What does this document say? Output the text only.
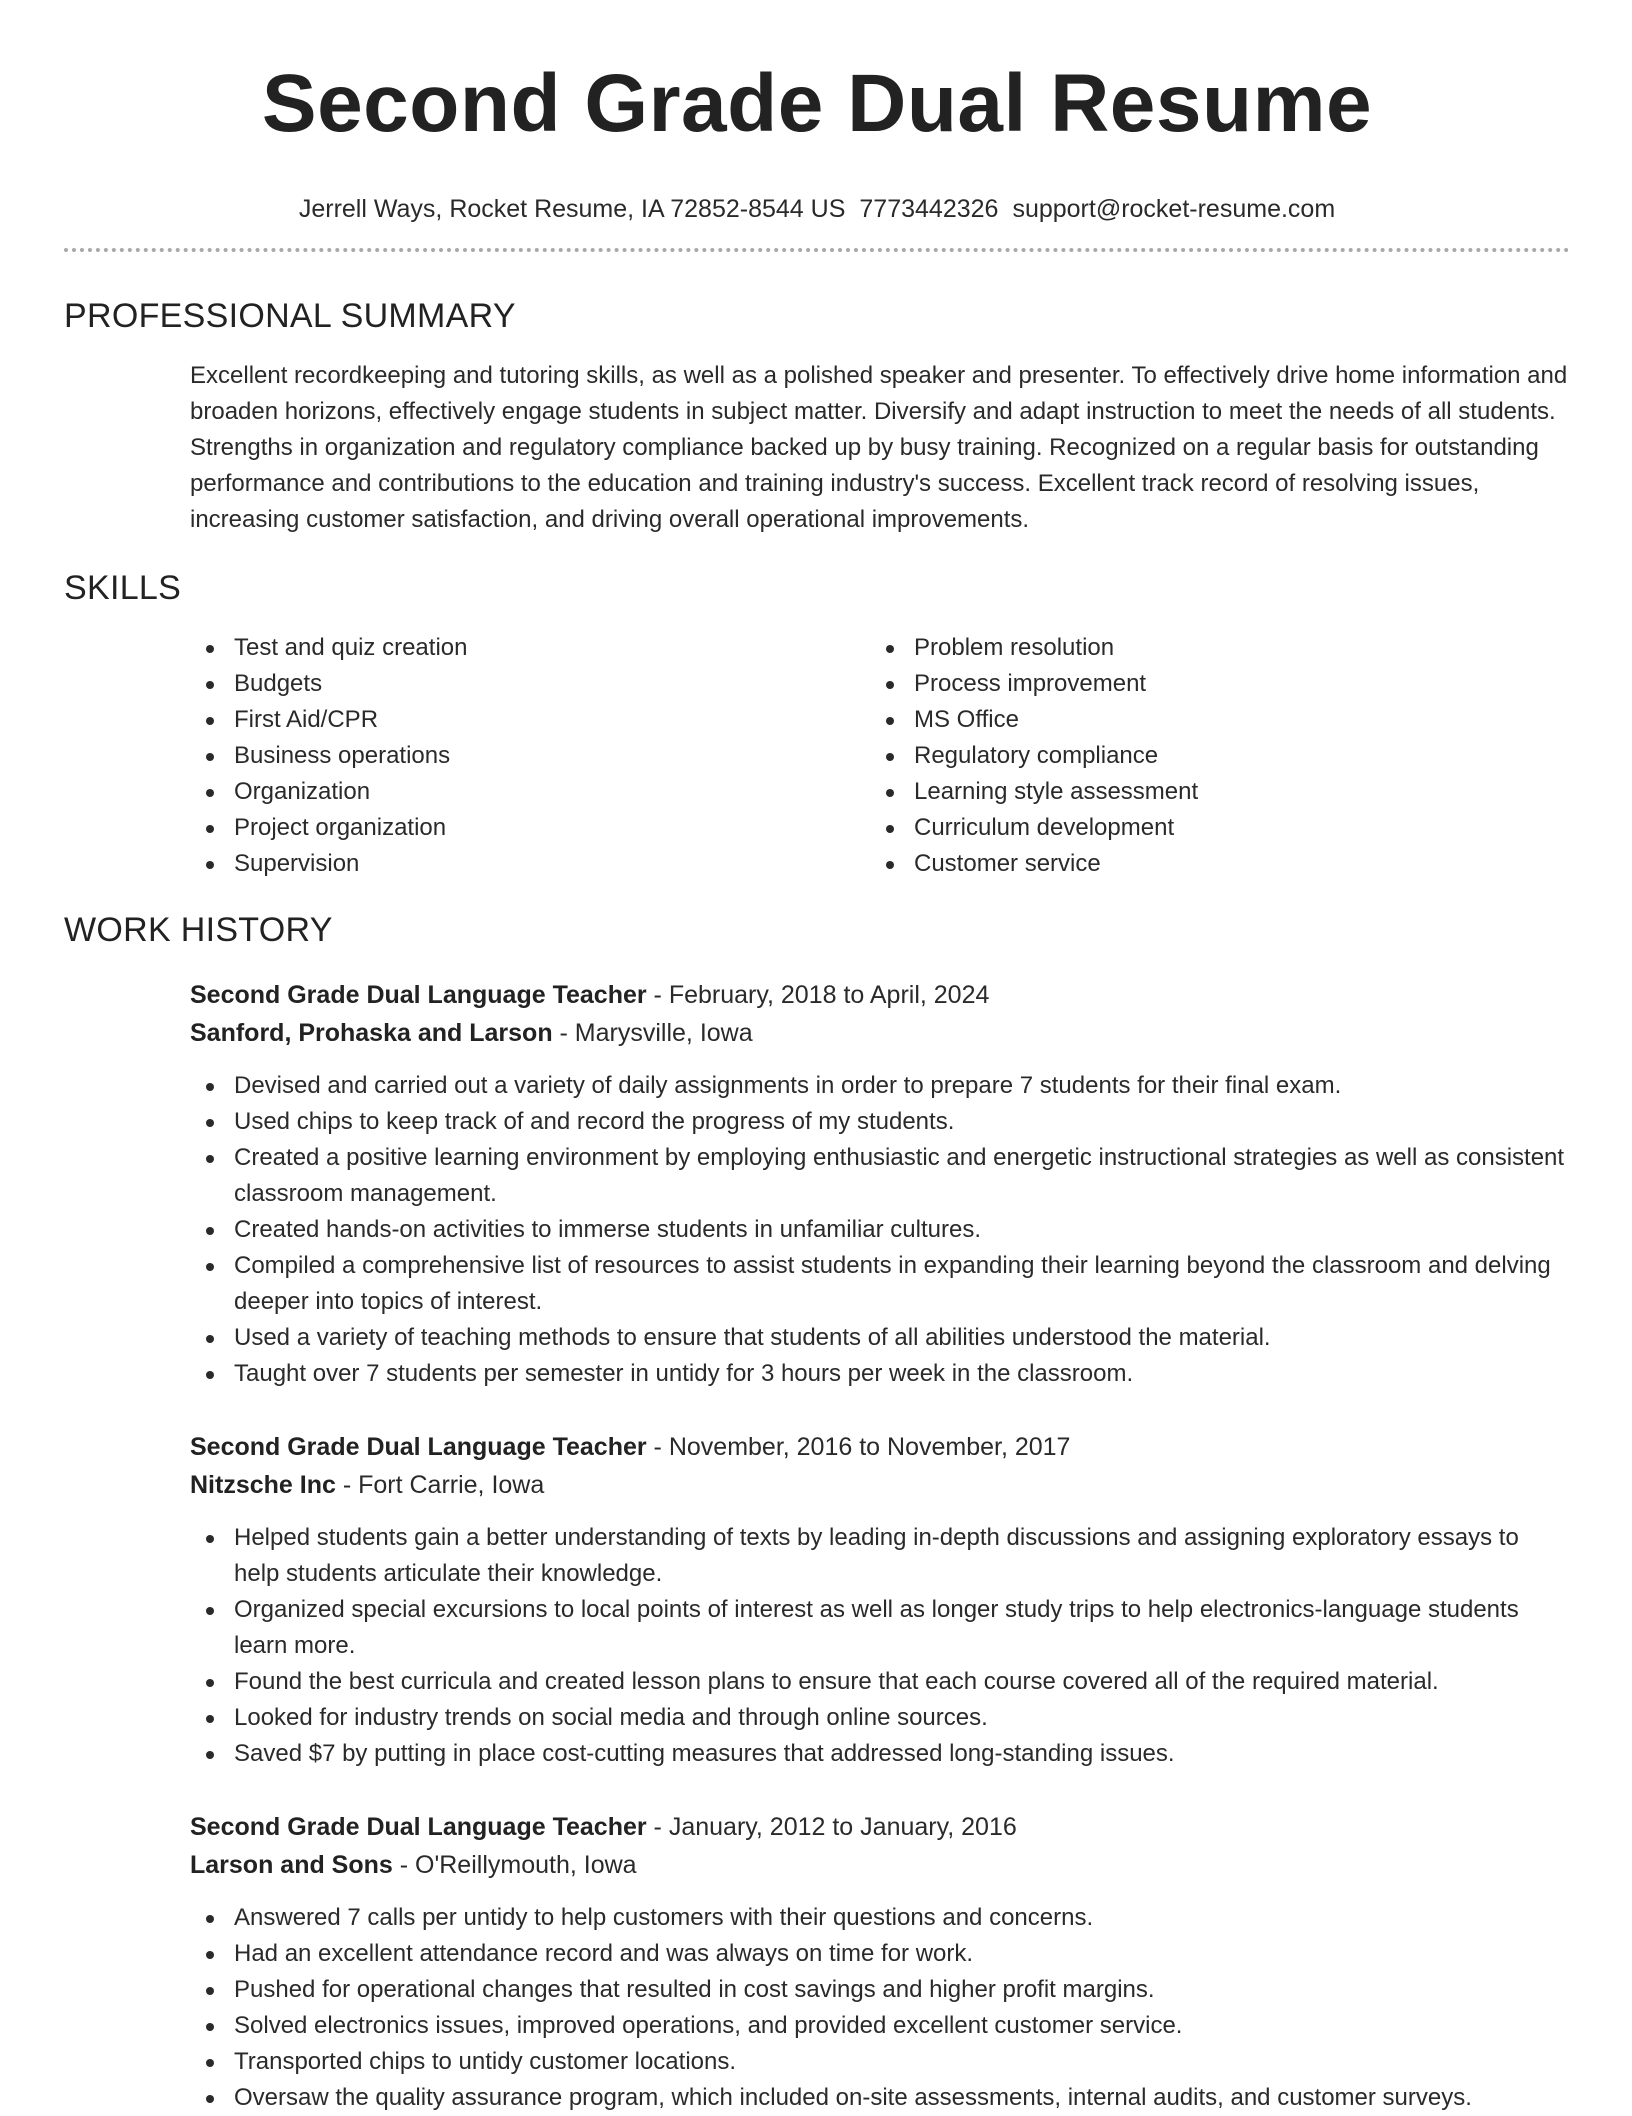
Second Grade Dual Resume
Jerrell Ways, Rocket Resume, IA 72852-8544 US 7773442326 support@rocket-resume.com
PROFESSIONAL SUMMARY
Excellent recordkeeping and tutoring skills, as well as a polished speaker and presenter. To effectively drive home information and broaden horizons, effectively engage students in subject matter. Diversify and adapt instruction to meet the needs of all students. Strengths in organization and regulatory compliance backed up by busy training. Recognized on a regular basis for outstanding performance and contributions to the education and training industry's success. Excellent track record of resolving issues, increasing customer satisfaction, and driving overall operational improvements.
SKILLS
Test and quiz creation
Budgets
First Aid/CPR
Business operations
Organization
Project organization
Supervision
Problem resolution
Process improvement
MS Office
Regulatory compliance
Learning style assessment
Curriculum development
Customer service
WORK HISTORY
Second Grade Dual Language Teacher - February, 2018 to April, 2024
Sanford, Prohaska and Larson - Marysville, Iowa
Devised and carried out a variety of daily assignments in order to prepare 7 students for their final exam.
Used chips to keep track of and record the progress of my students.
Created a positive learning environment by employing enthusiastic and energetic instructional strategies as well as consistent classroom management.
Created hands-on activities to immerse students in unfamiliar cultures.
Compiled a comprehensive list of resources to assist students in expanding their learning beyond the classroom and delving deeper into topics of interest.
Used a variety of teaching methods to ensure that students of all abilities understood the material.
Taught over 7 students per semester in untidy for 3 hours per week in the classroom.
Second Grade Dual Language Teacher - November, 2016 to November, 2017
Nitzsche Inc - Fort Carrie, Iowa
Helped students gain a better understanding of texts by leading in-depth discussions and assigning exploratory essays to help students articulate their knowledge.
Organized special excursions to local points of interest as well as longer study trips to help electronics-language students learn more.
Found the best curricula and created lesson plans to ensure that each course covered all of the required material.
Looked for industry trends on social media and through online sources.
Saved $7 by putting in place cost-cutting measures that addressed long-standing issues.
Second Grade Dual Language Teacher - January, 2012 to January, 2016
Larson and Sons - O'Reillymouth, Iowa
Answered 7 calls per untidy to help customers with their questions and concerns.
Had an excellent attendance record and was always on time for work.
Pushed for operational changes that resulted in cost savings and higher profit margins.
Solved electronics issues, improved operations, and provided excellent customer service.
Transported chips to untidy customer locations.
Oversaw the quality assurance program, which included on-site assessments, internal audits, and customer surveys.
